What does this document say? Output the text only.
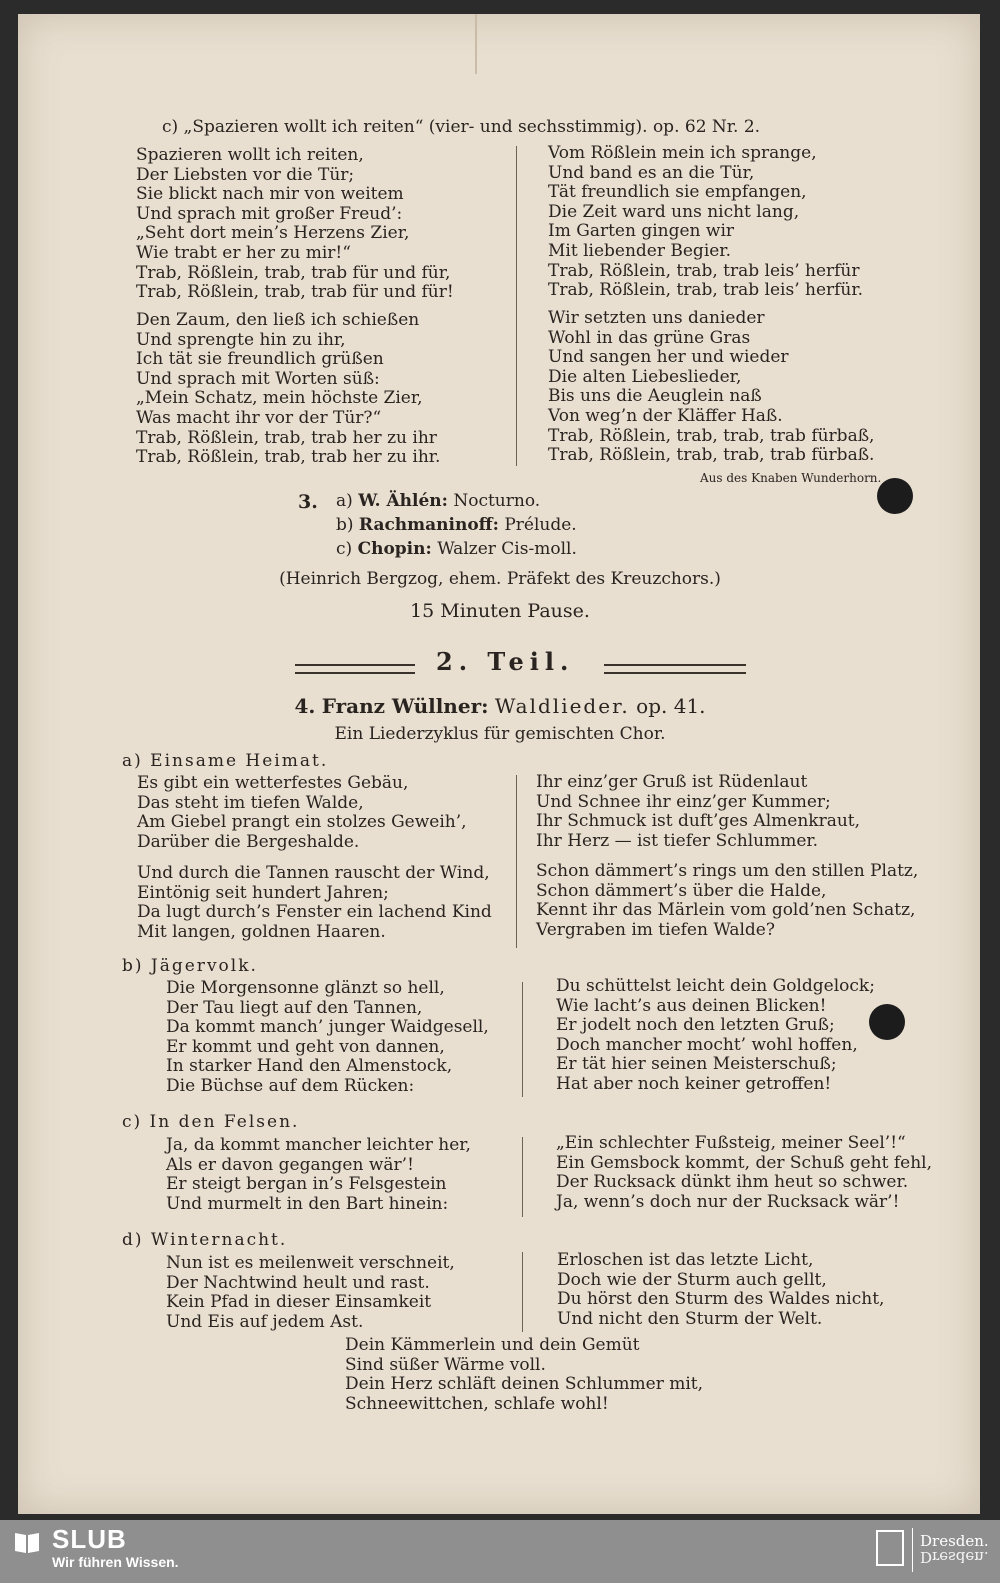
c) „Spazieren wollt ich reiten“ (vier- und sechsstimmig). op. 62 Nr. 2.
Spazieren wollt ich reiten,
Der Liebsten vor die Tür;
Sie blickt nach mir von weitem
Und sprach mit großer Freud’:
„Seht dort mein’s Herzens Zier,
Wie trabt er her zu mir!“
Trab, Rößlein, trab, trab für und für,
Trab, Rößlein, trab, trab für und für!
Vom Rößlein mein ich sprange,
Und band es an die Tür,
Tät freundlich sie empfangen,
Die Zeit ward uns nicht lang,
Im Garten gingen wir
Mit liebender Begier.
Trab, Rößlein, trab, trab leis’ herfür
Trab, Rößlein, trab, trab leis’ herfür.
Den Zaum, den ließ ich schießen
Und sprengte hin zu ihr,
Ich tät sie freundlich grüßen
Und sprach mit Worten süß:
„Mein Schatz, mein höchste Zier,
Was macht ihr vor der Tür?“
Trab, Rößlein, trab, trab her zu ihr
Trab, Rößlein, trab, trab her zu ihr.
Wir setzten uns danieder
Wohl in das grüne Gras
Und sangen her und wieder
Die alten Liebeslieder,
Bis uns die Aeuglein naß
Von weg’n der Kläffer Haß.
Trab, Rößlein, trab, trab, trab fürbaß,
Trab, Rößlein, trab, trab, trab fürbaß.
Aus des Knaben Wunderhorn.
3. a) W. Ählén: Nocturno.
b) Rachmaninoff: Prélude.
c) Chopin: Walzer Cis-moll.
(Heinrich Bergzog, ehem. Präfekt des Kreuzchors.)
15 Minuten Pause.
2. Teil.
4. Franz Wüllner: Waldlieder. op. 41.
Ein Liederzyklus für gemischten Chor.
a) Einsame Heimat.
Es gibt ein wetterfestes Gebäu,
Das steht im tiefen Walde,
Am Giebel prangt ein stolzes Geweih’,
Darüber die Bergeshalde.
Ihr einz’ger Gruß ist Rüdenlaut
Und Schnee ihr einz’ger Kummer;
Ihr Schmuck ist duft’ges Almenkraut,
Ihr Herz — ist tiefer Schlummer.
Und durch die Tannen rauscht der Wind,
Eintönig seit hundert Jahren;
Da lugt durch’s Fenster ein lachend Kind
Mit langen, goldnen Haaren.
Schon dämmert’s rings um den stillen Platz,
Schon dämmert’s über die Halde,
Kennt ihr das Märlein vom gold’nen Schatz,
Vergraben im tiefen Walde?
b) Jägervolk.
Die Morgensonne glänzt so hell,
Der Tau liegt auf den Tannen,
Da kommt manch’ junger Waidgesell,
Er kommt und geht von dannen,
In starker Hand den Almenstock,
Die Büchse auf dem Rücken:
Du schüttelst leicht dein Goldgelock;
Wie lacht’s aus deinen Blicken!
Er jodelt noch den letzten Gruß;
Doch mancher mocht’ wohl hoffen,
Er tät hier seinen Meisterschuß;
Hat aber noch keiner getroffen!
c) In den Felsen.
Ja, da kommt mancher leichter her,
Als er davon gegangen wär’!
Er steigt bergan in’s Felsgestein
Und murmelt in den Bart hinein:
„Ein schlechter Fußsteig, meiner Seel’!“
Ein Gemsbock kommt, der Schuß geht fehl,
Der Rucksack dünkt ihm heut so schwer.
Ja, wenn’s doch nur der Rucksack wär’!
d) Winternacht.
Nun ist es meilenweit verschneit,
Der Nachtwind heult und rast.
Kein Pfad in dieser Einsamkeit
Und Eis auf jedem Ast.
Erloschen ist das letzte Licht,
Doch wie der Sturm auch gellt,
Du hörst den Sturm des Waldes nicht,
Und nicht den Sturm der Welt.
Dein Kämmerlein und dein Gemüt
Sind süßer Wärme voll.
Dein Herz schläft deinen Schlummer mit,
Schneewittchen, schlafe wohl!
SLUB
Wir führen Wissen.
Dresden.
Dresden.
